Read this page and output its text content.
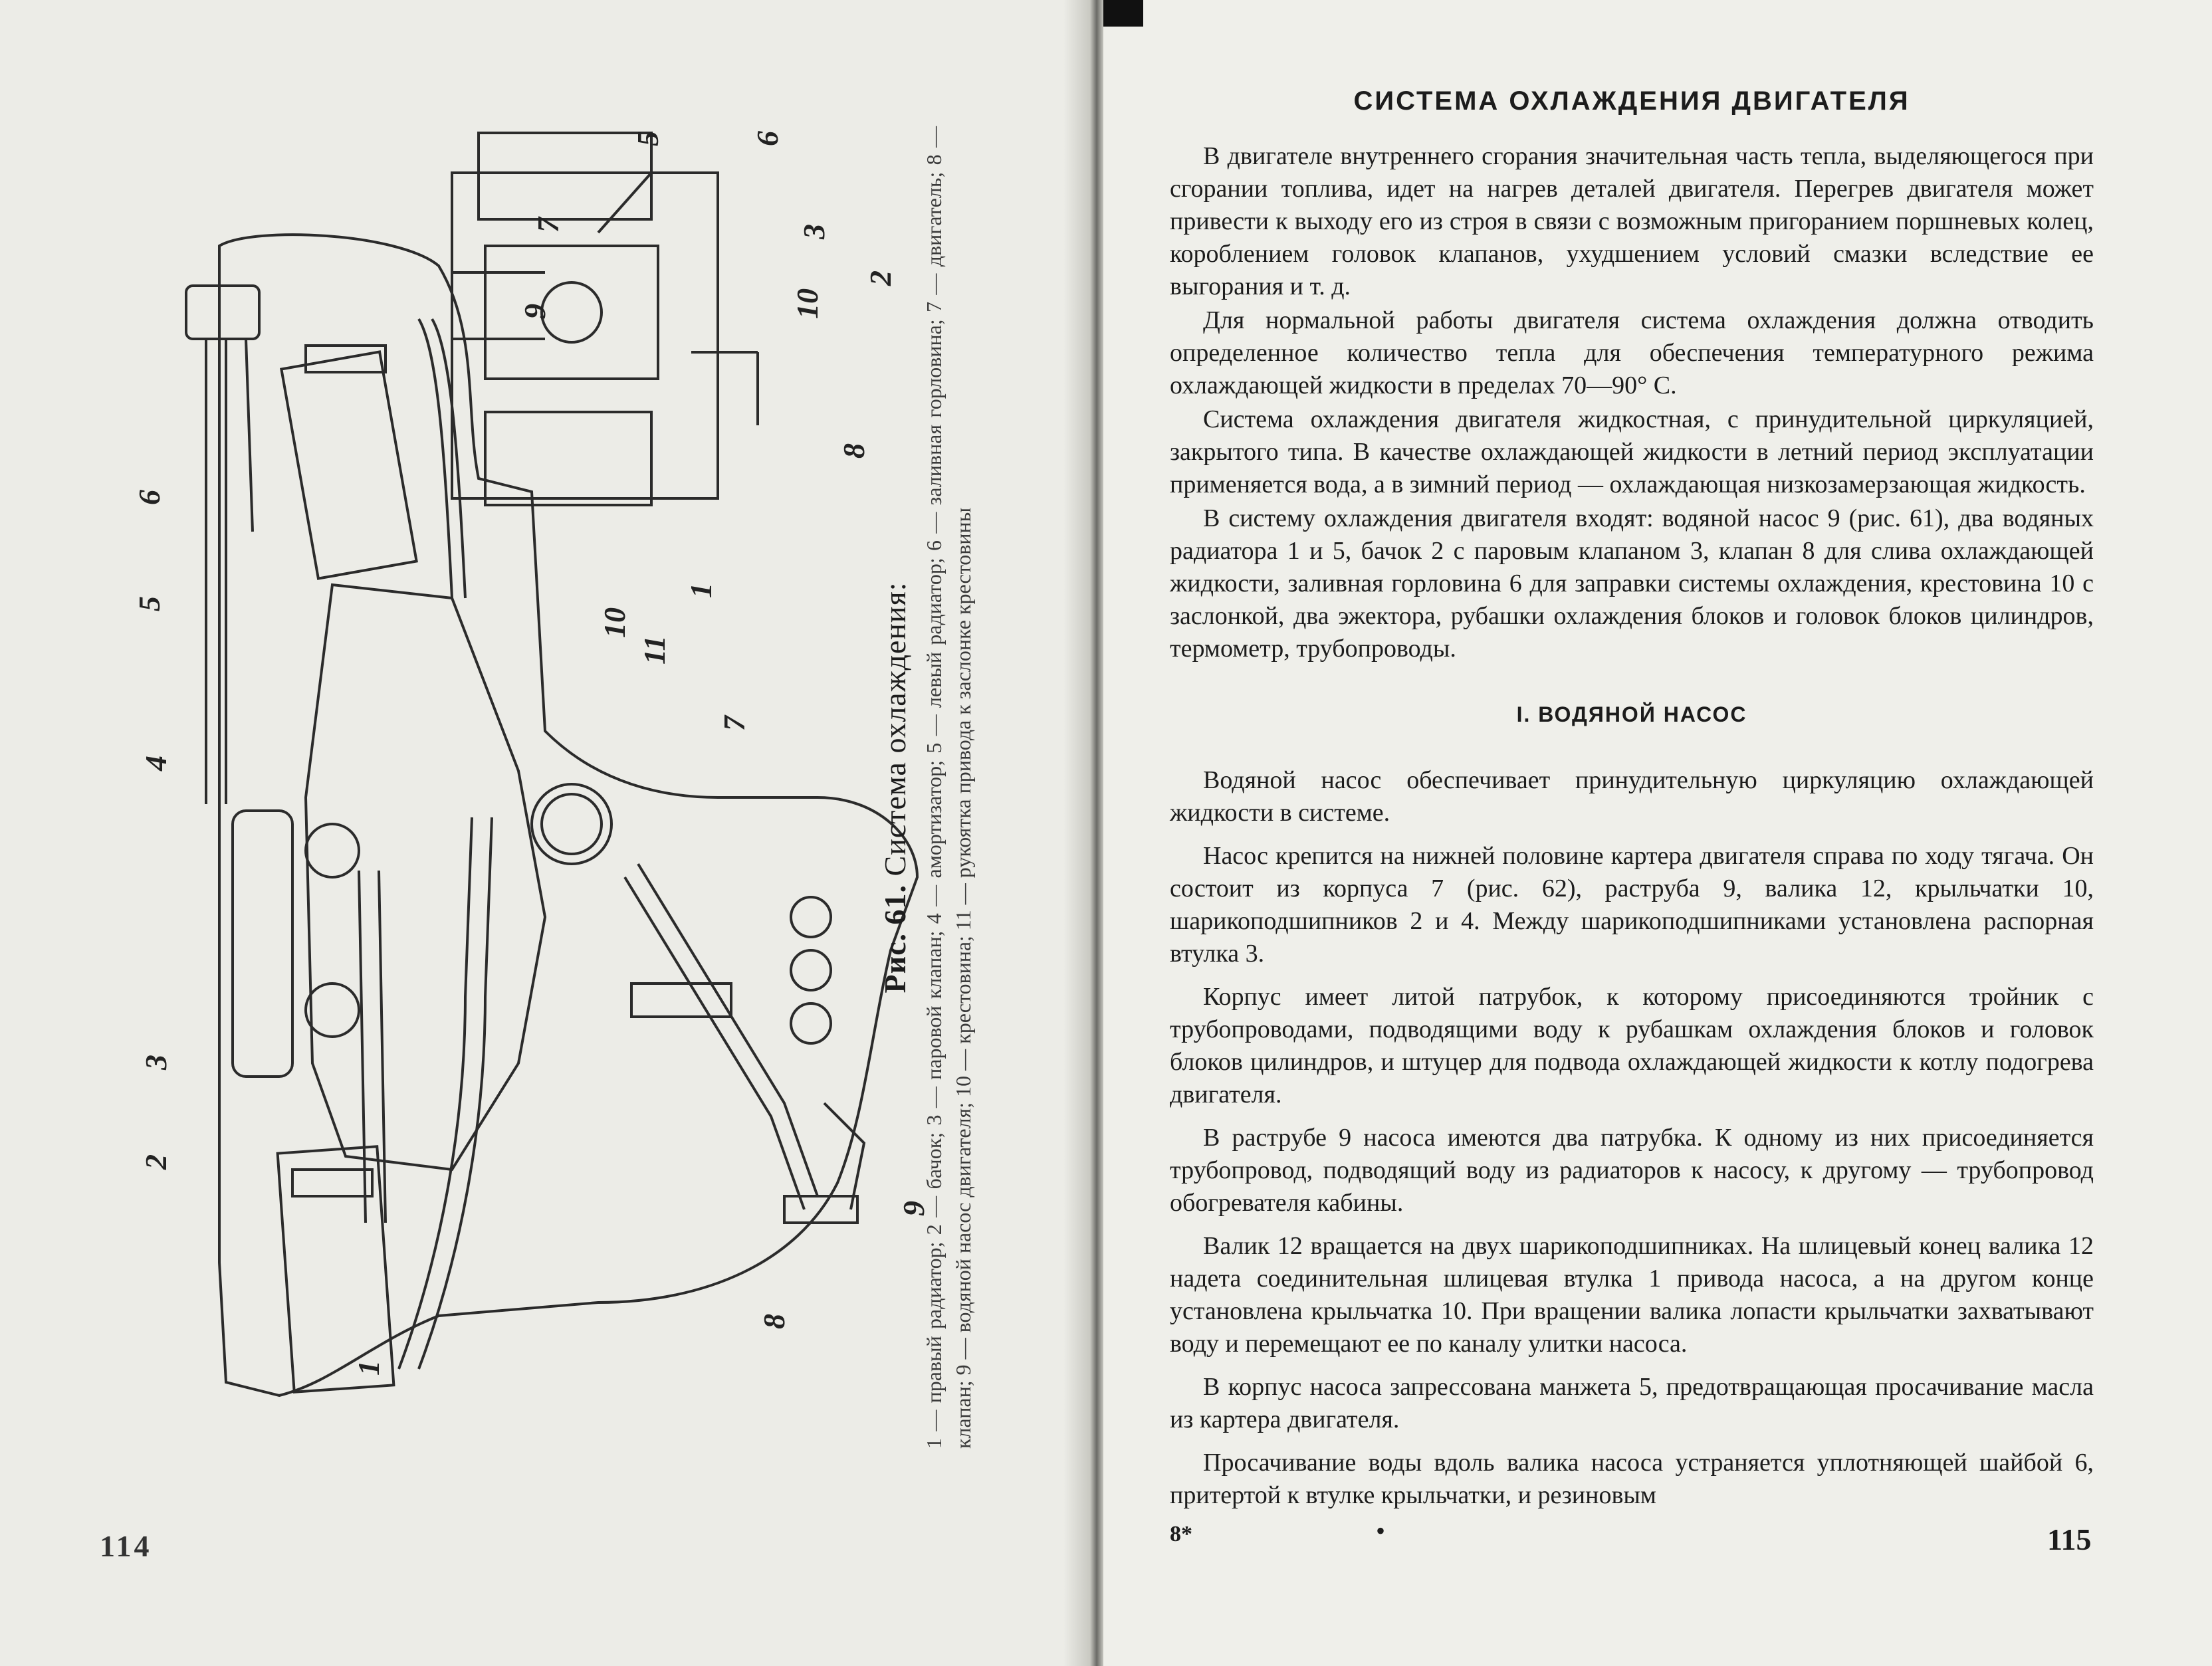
1
2
3
4
5
6
7
8
9
10
11
1
2
3
5	6
7
8
9	10

Рис. 61. Система охлаждения: 1 — правый радиатор; 2 — бачок; 3 — паровой клапан; 4 — амортизатор; 5 — левый радиатор; 6 — заливная горловина; 7 — двигатель; 8 — клапан; 9 — водяной насос двигателя; 10 — крестовина; 11 — рукоятка привода к заслонке крестовины

114
СИСТЕМА ОХЛАЖДЕНИЯ ДВИГАТЕЛЯ

В двигателе внутреннего сгорания значительная часть тепла, выделяющегося при сгорании топлива, идет на нагрев деталей двигателя. Перегрев двигателя может привести к выходу его из строя в связи с возможным пригоранием поршневых колец, короблением головок клапанов, ухудшением условий смазки вследствие ее выгорания и т. д.

Для нормальной работы двигателя система охлаждения должна отводить определенное количество тепла для обеспечения температурного режима охлаждающей жидкости в пределах 70—90° С.

Система охлаждения двигателя жидкостная, с принудительной циркуляцией, закрытого типа. В качестве охлаждающей жидкости в летний период эксплуатации применяется вода, а в зимний период — охлаждающая низкозамерзающая жидкость.

В систему охлаждения двигателя входят: водяной насос 9 (рис. 61), два водяных радиатора 1 и 5, бачок 2 с паровым клапаном 3, клапан 8 для слива охлаждающей жидкости, заливная горловина 6 для заправки системы охлаждения, крестовина 10 с заслонкой, два эжектора, рубашки охлаждения блоков и головок блоков цилиндров, термометр, трубопроводы.

I. ВОДЯНОЙ НАСОС

Водяной насос обеспечивает принудительную циркуляцию охлаждающей жидкости в системе.

Насос крепится на нижней половине картера двигателя справа по ходу тягача. Он состоит из корпуса 7 (рис. 62), раструба 9, валика 12, крыльчатки 10, шарикоподшипников 2 и 4. Между шарикоподшипниками установлена распорная втулка 3.

Корпус имеет литой патрубок, к которому присоединяются тройник с трубопроводами, подводящими воду к рубашкам охлаждения блоков и головок блоков цилиндров, и штуцер для подвода охлаждающей жидкости к котлу подогрева двигателя.

В раструбе 9 насоса имеются два патрубка. К одному из них присоединяется трубопровод, подводящий воду из радиаторов к насосу, к другому — трубопровод обогревателя кабины.

Валик 12 вращается на двух шарикоподшипниках. На шлицевый конец валика 12 надета соединительная шлицевая втулка 1 привода насоса, а на другом конце установлена крыльчатка 10. При вращении валика лопасти крыльчатки захватывают воду и перемещают ее по каналу улитки насоса.

В корпус насоса запрессована манжета 5, предотвращающая просачивание масла из картера двигателя.

Просачивание воды вдоль валика насоса устраняется уплотняющей шайбой 6, притертой к втулке крыльчатки, и резиновым

8*	•	115
